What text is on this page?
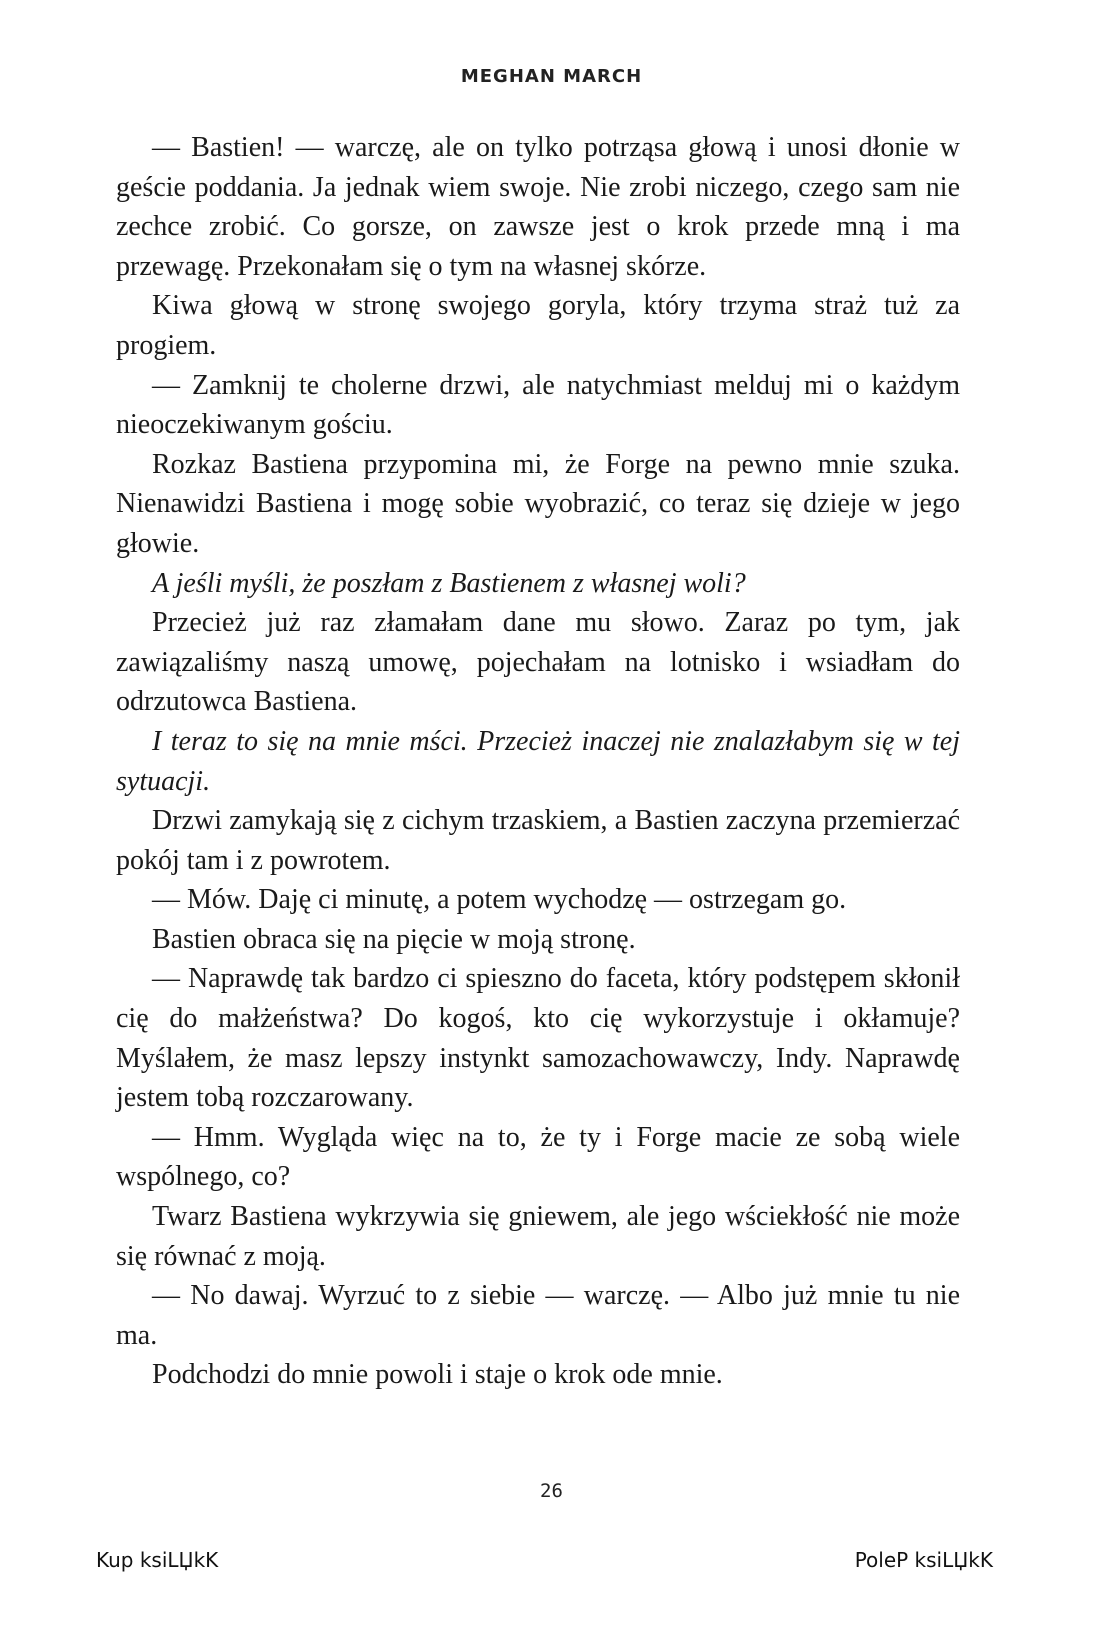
MEGHAN MARCH

— Bastien! — warczę, ale on tylko potrząsa głową i unosi dłonie w geście poddania. Ja jednak wiem swoje. Nie zrobi niczego, czego sam nie zechce zrobić. Co gorsze, on zawsze jest o krok przede mną i ma przewagę. Przekonałam się o tym na własnej skórze.

Kiwa głową w stronę swojego goryla, który trzyma straż tuż za progiem.

— Zamknij te cholerne drzwi, ale natychmiast melduj mi o każdym nieoczekiwanym gościu.

Rozkaz Bastiena przypomina mi, że Forge na pewno mnie szuka. Nienawidzi Bastiena i mogę sobie wyobrazić, co teraz się dzieje w jego głowie.

A jeśli myśli, że poszłam z Bastienem z własnej woli?

Przecież już raz złamałam dane mu słowo. Zaraz po tym, jak zawiązaliśmy naszą umowę, pojechałam na lotnisko i wsiadłam do odrzutowca Bastiena.

I teraz to się na mnie mści. Przecież inaczej nie znalazłabym się w tej sytuacji.

Drzwi zamykają się z cichym trzaskiem, a Bastien zaczyna przemierzać pokój tam i z powrotem.

— Mów. Daję ci minutę, a potem wychodzę — ostrzegam go.

Bastien obraca się na pięcie w moją stronę.

— Naprawdę tak bardzo ci spieszno do faceta, który podstępem skłonił cię do małżeństwa? Do kogoś, kto cię wykorzystuje i okłamuje? Myślałem, że masz lepszy instynkt samozachowawczy, Indy. Naprawdę jestem tobą rozczarowany.

— Hmm. Wygląda więc na to, że ty i Forge macie ze sobą wiele wspólnego, co?

Twarz Bastiena wykrzywia się gniewem, ale jego wściekłość nie może się równać z moją.

— No dawaj. Wyrzuć to z siebie — warczę. — Albo już mnie tu nie ma.

Podchodzi do mnie powoli i staje o krok ode mnie.

26
Kup ksiLЏkK	PoleP ksiLЏkK
